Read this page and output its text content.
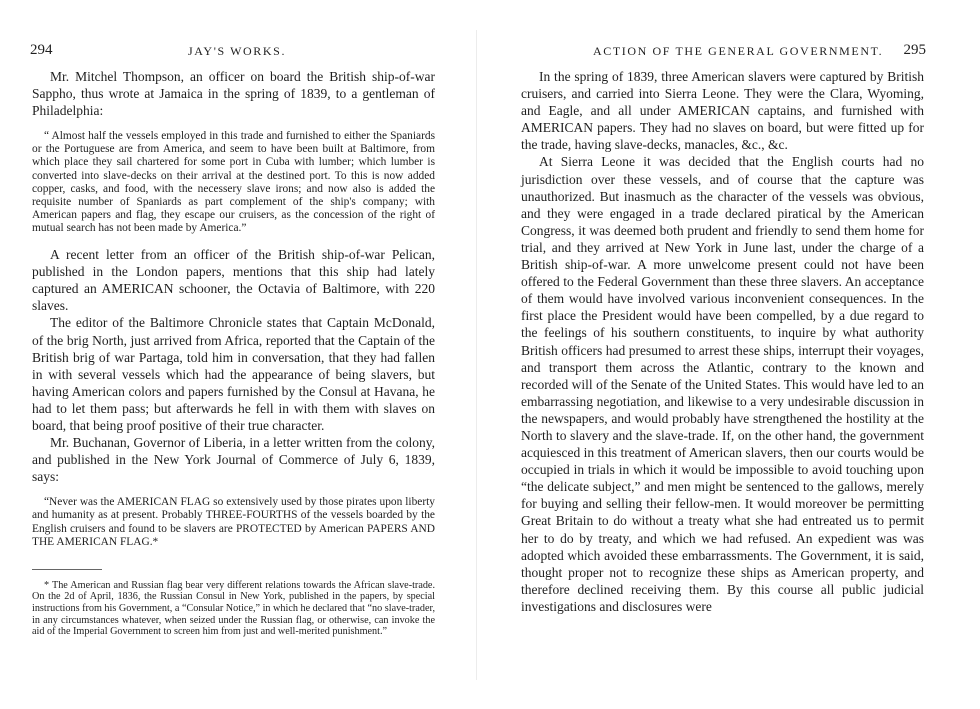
294	JAY'S WORKS.

Mr. Mitchel Thompson, an officer on board the British ship-of-war Sappho, thus wrote at Jamaica in the spring of 1839, to a gentleman of Philadelphia:

“ Almost half the vessels employed in this trade and furnished to either the Spaniards or the Portuguese are from America, and seem to have been built at Baltimore, from which place they sail chartered for some port in Cuba with lumber; which lumber is converted into slave-decks on their arrival at the destined port. To this is now added copper, casks, and food, with the necessery slave irons; and now also is added the requisite number of Spaniards as part complement of the ship's company; with American papers and flag, they escape our cruisers, as the concession of the right of mutual search has not been made by America.”

A recent letter from an officer of the British ship-of-war Pelican, published in the London papers, mentions that this ship had lately captured an AMERICAN schooner, the Octavia of Baltimore, with 220 slaves.

The editor of the Baltimore Chronicle states that Captain McDonald, of the brig North, just arrived from Africa, reported that the Captain of the British brig of war Partaga, told him in conversation, that they had fallen in with several vessels which had the appearance of being slavers, but having American colors and papers furnished by the Consul at Havana, he had to let them pass; but afterwards he fell in with them with slaves on board, that being proof positive of their true character.

Mr. Buchanan, Governor of Liberia, in a letter written from the colony, and published in the New York Journal of Commerce of July 6, 1839, says:

“Never was the AMERICAN FLAG so extensively used by those pirates upon liberty and humanity as at present. Probably THREE-FOURTHS of the vessels boarded by the English cruisers and found to be slavers are PROTECTED by American PAPERS AND THE AMERICAN FLAG.*

* The American and Russian flag bear very different relations towards the African slave-trade. On the 2d of April, 1836, the Russian Consul in New York, published in the papers, by special instructions from his Government, a “Consular Notice,” in which he declared that “no slave-trader, in any circumstances whatever, when seized under the Russian flag, or otherwise, can invoke the aid of the Imperial Government to screen him from just and well-merited punishment.”

ACTION OF THE GENERAL GOVERNMENT. 295

In the spring of 1839, three American slavers were captured by British cruisers, and carried into Sierra Leone. They were the Clara, Wyoming, and Eagle, and all under AMERICAN captains, and furnished with AMERICAN papers. They had no slaves on board, but were fitted up for the trade, having slave-decks, manacles, &c., &c.

At Sierra Leone it was decided that the English courts had no jurisdiction over these vessels, and of course that the capture was unauthorized. But inasmuch as the character of the vessels was obvious, and they were engaged in a trade declared piratical by the American Congress, it was deemed both prudent and friendly to send them home for trial, and they arrived at New York in June last, under the charge of a British ship-of-war. A more unwelcome present could not have been offered to the Federal Government than these three slavers. An acceptance of them would have involved various inconvenient consequences. In the first place the President would have been compelled, by a due regard to the feelings of his southern constituents, to inquire by what authority British officers had presumed to arrest these ships, interrupt their voyages, and transport them across the Atlantic, contrary to the known and recorded will of the Senate of the United States. This would have led to an embarrassing negotiation, and likewise to a very undesirable discussion in the newspapers, and would probably have strengthened the hostility at the North to slavery and the slave-trade. If, on the other hand, the government acquiesced in this treatment of American slavers, then our courts would be occupied in trials in which it would be impossible to avoid touching upon “the delicate subject,” and men might be sentenced to the gallows, merely for buying and selling their fellow-men. It would moreover be permitting Great Britain to do without a treaty what she had entreated us to permit her to do by treaty, and which we had refused. An expedient was was adopted which avoided these embarrassments. The Government, it is said, thought proper not to recognize these ships as American property, and therefore declined receiving them. By this course all public judicial investigations and disclosures were
